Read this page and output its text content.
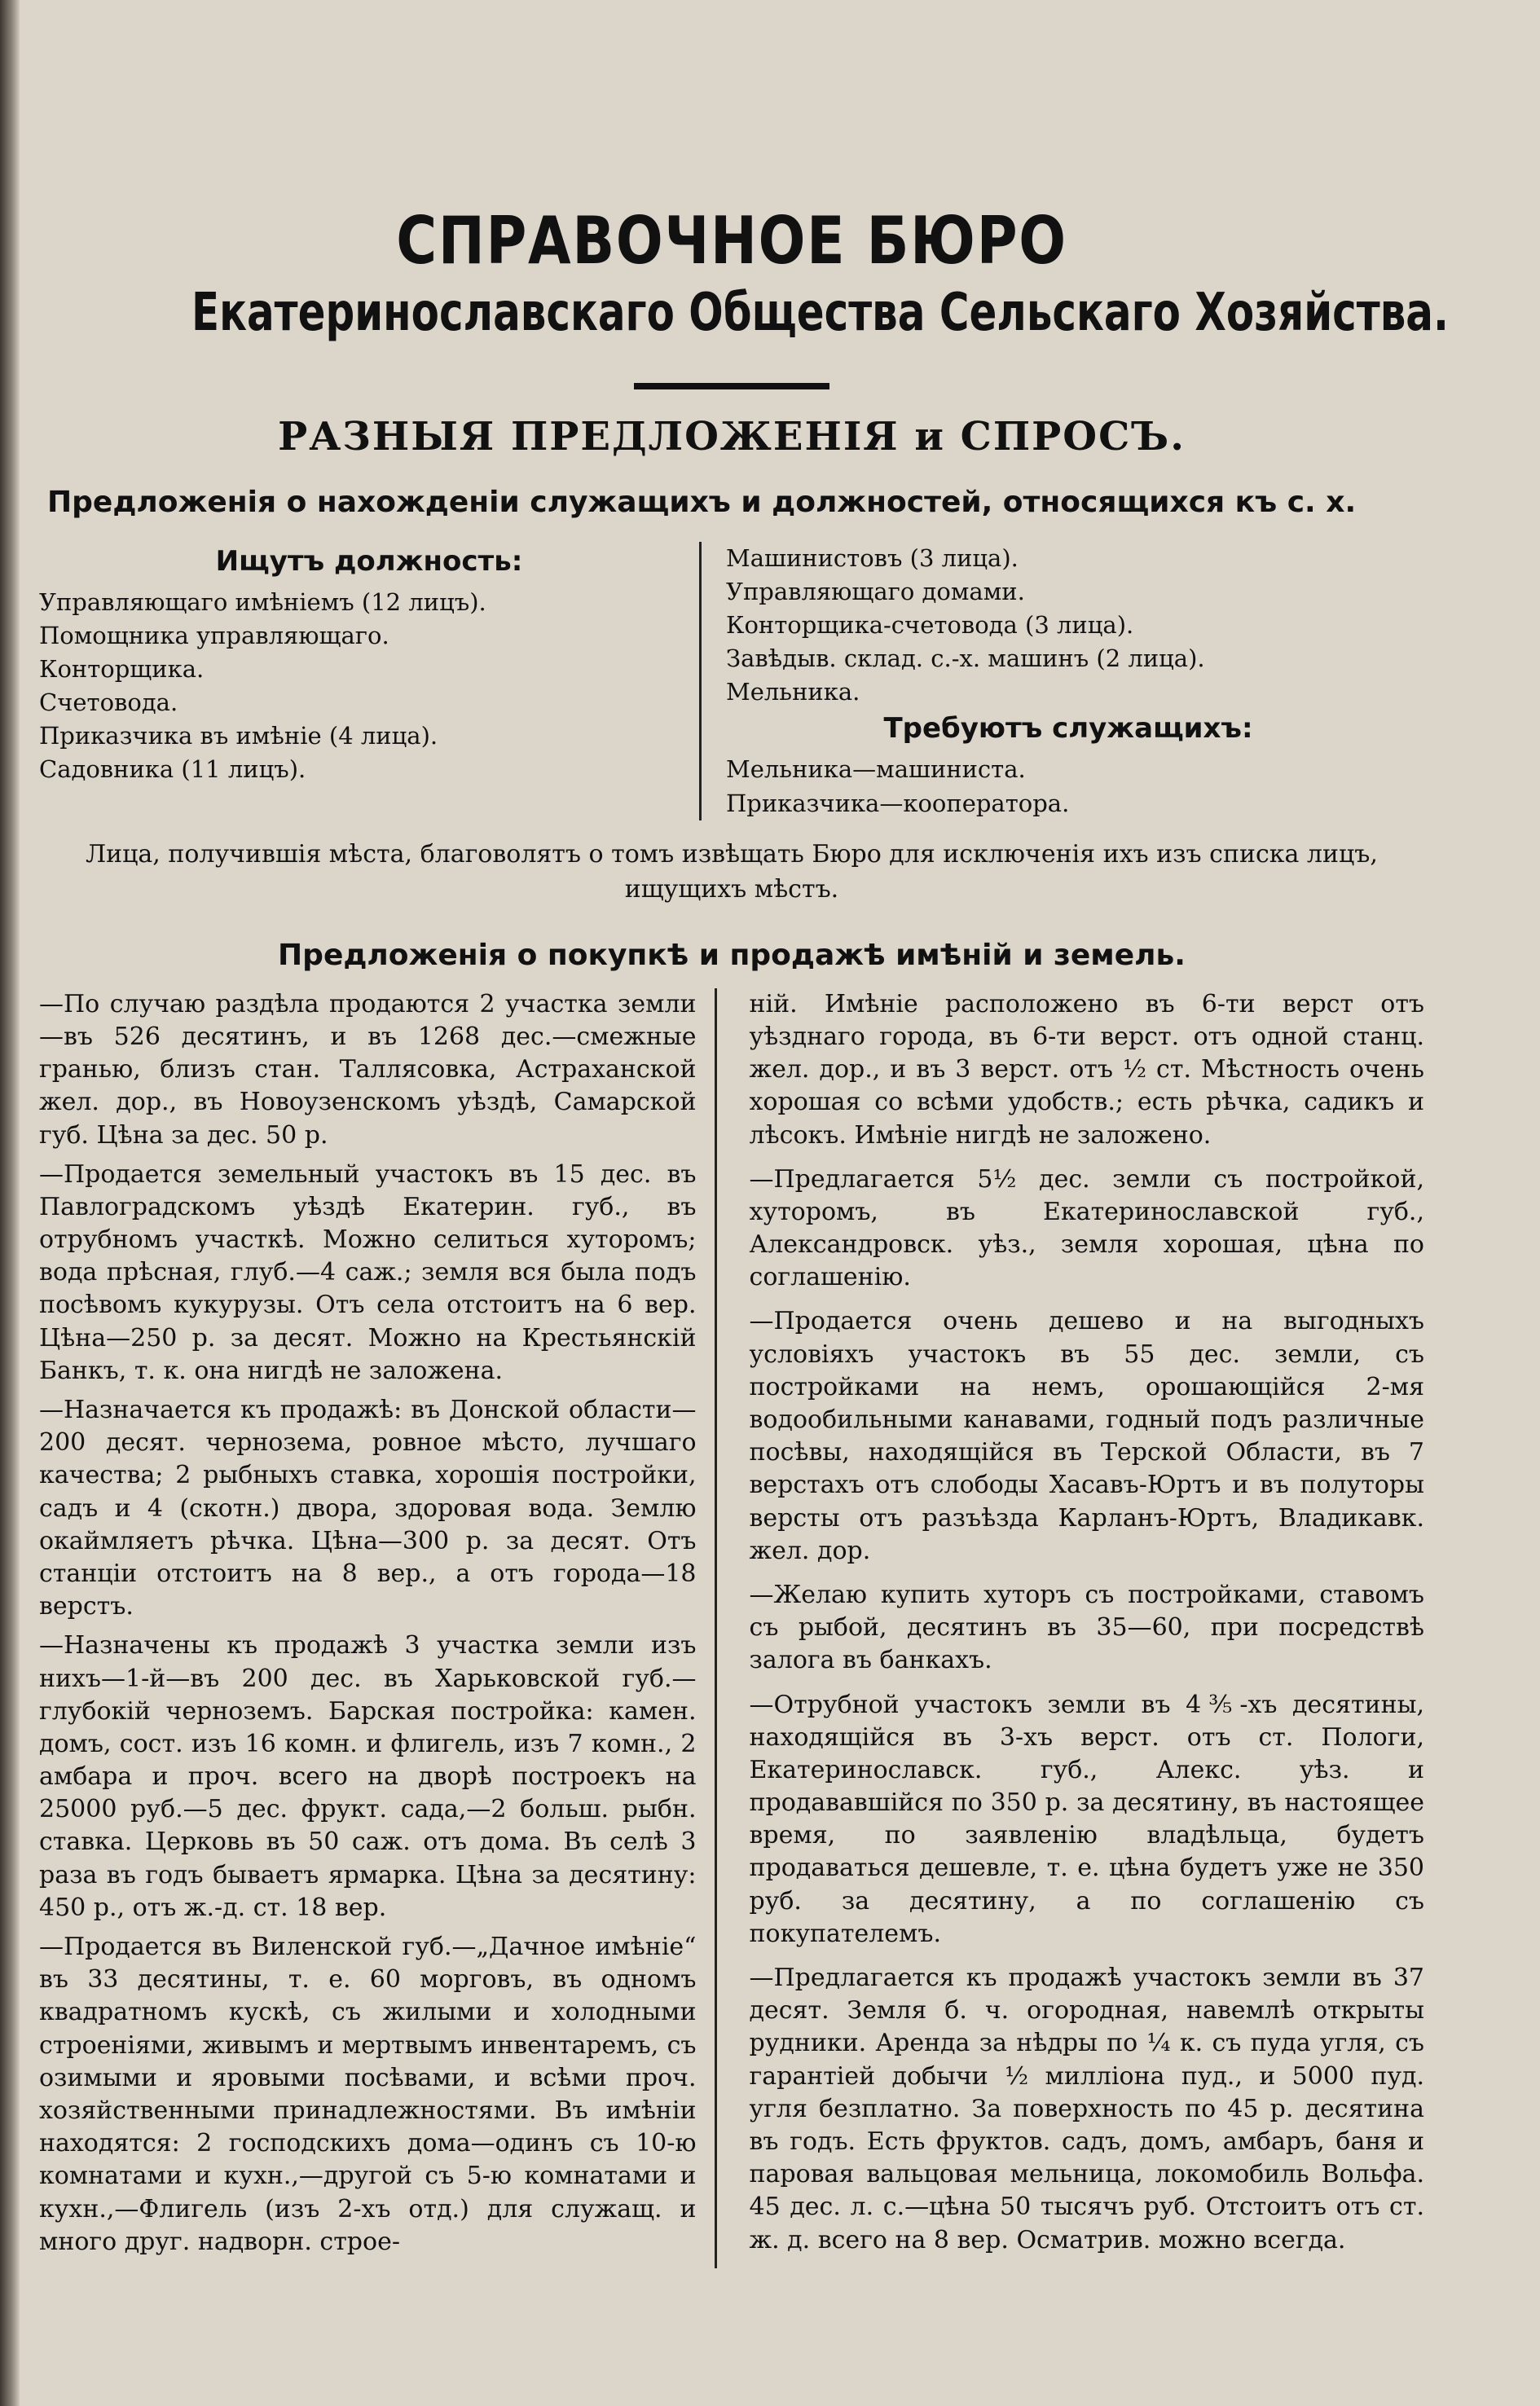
СПРАВОЧНОЕ БЮРО
Екатеринославскаго Общества Сельскаго Хозяйства.
РАЗНЫЯ ПРЕДЛОЖЕНІЯ и СПРОСЪ.
Предложенія о нахожденіи служащихъ и должностей, относящихся къ с. х.
Ищутъ должность:
Управляющаго имѣніемъ (12 лицъ).
Помощника управляющаго.
Конторщика.
Счетовода.
Приказчика въ имѣніе (4 лица).
Садовника (11 лицъ).
Машинистовъ (3 лица).
Управляющаго домами.
Конторщика-счетовода (3 лица).
Завѣдыв. склад. с.-х. машинъ (2 лица).
Мельника.
Требуютъ служащихъ:
Мельника—машиниста.
Приказчика—кооператора.

Лица, получившія мѣста, благоволятъ о томъ извѣщать Бюро для исключенія ихъ изъ списка лицъ, ищущихъ мѣстъ.

Предложенія о покупкѣ и продажѣ имѣній и земель.

—По случаю раздѣла продаются 2 участка земли—въ 526 десятинъ, и въ 1268 дес.—смежные гранью, близъ стан. Таллясовка, Астраханской жел. дор., въ Новоузенскомъ уѣздѣ, Самарской губ. Цѣна за дес. 50 р.

—Продается земельный участокъ въ 15 дес. въ Павлоградскомъ уѣздѣ Екатерин. губ., въ отрубномъ участкѣ. Можно селиться хуторомъ; вода прѣсная, глуб.—4 саж.; земля вся была подъ посѣвомъ кукурузы. Отъ села отстоитъ на 6 вер. Цѣна—250 р. за десят. Можно на Крестьянскій Банкъ, т. к. она нигдѣ не заложена.

—Назначается къ продажѣ: въ Донской области—200 десят. чернозема, ровное мѣсто, лучшаго качества; 2 рыбныхъ ставка, хорошія постройки, садъ и 4 (скотн.) двора, здоровая вода. Землю окаймляетъ рѣчка. Цѣна—300 р. за десят. Отъ станціи отстоитъ на 8 вер., а отъ города—18 верстъ.

—Назначены къ продажѣ 3 участка земли изъ нихъ—1-й—въ 200 дес. въ Харьковской губ.—глубокій черноземъ. Барская постройка: камен. домъ, сост. изъ 16 комн. и флигель, изъ 7 комн., 2 амбара и проч. всего на дворѣ построекъ на 25000 руб.—5 дес. фрукт. сада,—2 больш. рыбн. ставка. Церковь въ 50 саж. отъ дома. Въ селѣ 3 раза въ годъ бываетъ ярмарка. Цѣна за десятину: 450 р., отъ ж.-д. ст. 18 вер.

—Продается въ Виленской губ.—„Дачное имѣніе“ въ 33 десятины, т. е. 60 морговъ, въ одномъ квадратномъ кускѣ, съ жилыми и холодными строеніями, живымъ и мертвымъ инвентаремъ, съ озимыми и яровыми посѣвами, и всѣми проч. хозяйственными принадлежностями. Въ имѣніи находятся: 2 господскихъ дома—одинъ съ 10-ю комнатами и кухн.,—другой съ 5-ю комнатами и кухн.,—Флигель (изъ 2-хъ отд.) для служащ. и много друг. надворн. строе-

ній. Имѣніе расположено въ 6-ти верст отъ уѣзднаго города, въ 6-ти верст. отъ одной станц. жел. дор., и въ 3 верст. отъ ½ ст. Мѣстность очень хорошая со всѣми удобств.; есть рѣчка, садикъ и лѣсокъ. Имѣніе нигдѣ не заложено.

—Предлагается 5½ дес. земли съ постройкой, хуторомъ, въ Екатеринославской губ., Александровск. уѣз., земля хорошая, цѣна по соглашенію.

—Продается очень дешево и на выгодныхъ условіяхъ участокъ въ 55 дес. земли, съ постройками на немъ, орошающійся 2-мя водообильными канавами, годный подъ различные посѣвы, находящійся въ Терской Области, въ 7 верстахъ отъ слободы Хасавъ-Юртъ и въ полуторы версты отъ разъѣзда Карланъ-Юртъ, Владикавк. жел. дор.

—Желаю купить хуторъ съ постройками, ставомъ съ рыбой, десятинъ въ 35—60, при посредствѣ залога въ банкахъ.

—Отрубной участокъ земли въ 4⅗-хъ десятины, находящійся въ 3-хъ верст. отъ ст. Пологи, Екатеринославск. губ., Алекс. уѣз. и продававшійся по 350 р. за десятину, въ настоящее время, по заявленію владѣльца, будетъ продаваться дешевле, т. е. цѣна будетъ уже не 350 руб. за десятину, а по соглашенію съ покупателемъ.

—Предлагается къ продажѣ участокъ земли въ 37 десят. Земля б. ч. огородная, навемлѣ открыты рудники. Аренда за нѣдры по ¼ к. съ пуда угля, съ гарантіей добычи ½ милліона пуд., и 5000 пуд. угля безплатно. За поверхность по 45 р. десятина въ годъ. Есть фруктов. садъ, домъ, амбаръ, баня и паровая вальцовая мельница, локомобиль Вольфа. 45 дес. л. с.—цѣна 50 тысячъ руб. Отстоитъ отъ ст. ж. д. всего на 8 вер. Осматрив. можно всегда.
